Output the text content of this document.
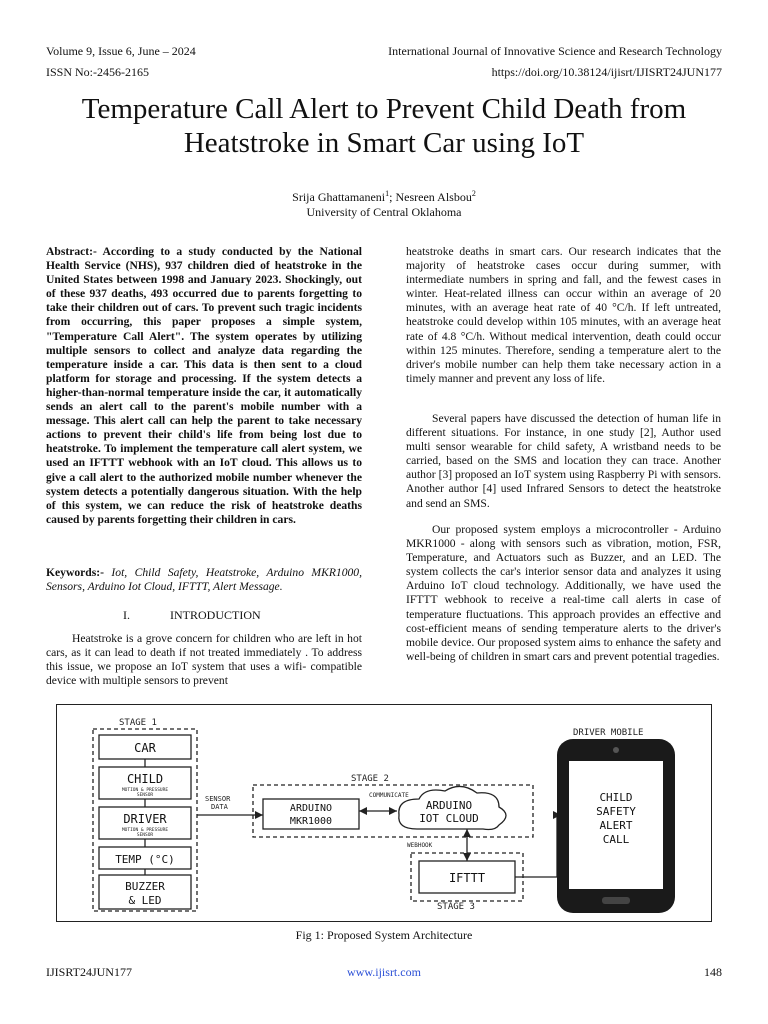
Volume 9, Issue 6, June – 2024	International Journal of Innovative Science and Research Technology
ISSN No:-2456-2165	https://doi.org/10.38124/ijisrt/IJISRT24JUN177
Temperature Call Alert to Prevent Child Death from
Heatstroke in Smart Car using IoT
Srija Ghattamaneni$^1$; Nesreen Alsbou$^2$
University of Central Oklahoma
Abstract:- According to a study conducted by the National Health Service (NHS), 937 children died of heatstroke in the United States between 1998 and January 2023. Shockingly, out of these 937 deaths, 493 occurred due to parents forgetting to take their children out of cars. To prevent such tragic incidents from occurring, this paper proposes a simple system, "Temperature Call Alert". The system operates by utilizing multiple sensors to collect and analyze data regarding the temperature inside a car. This data is then sent to a cloud platform for storage and processing. If the system detects a higher-than-normal temperature inside the car, it automatically sends an alert call to the parent's mobile number with a message. This alert call can help the parent to take necessary actions to prevent their child's life from being lost due to heatstroke. To implement the temperature call alert system, we used an IFTTT webhook with an IoT cloud. This allows us to give a call alert to the authorized mobile number whenever the system detects a potentially dangerous situation. With the help of this system, we can reduce the risk of heatstroke deaths caused by parents forgetting their children in cars.
Keywords:- Iot, Child Safety, Heatstroke, Arduino MKR1000, Sensors, Arduino Iot Cloud, IFTTT, Alert Message.
I.	INTRODUCTION
Heatstroke is a grove concern for children who are left in hot cars, as it can lead to death if not treated immediately . To address this issue, we propose an IoT system that uses a wifi- compatible device with multiple sensors to prevent
heatstroke deaths in smart cars. Our research indicates that the majority of heatstroke cases occur during summer, with intermediate numbers in spring and fall, and the fewest cases in winter. Heat-related illness can occur within an average of 20 minutes, with an average heat rate of 40 °C/h. If left untreated, heatstroke could develop within 105 minutes, with an average heat rate of 4.8 °C/h. Without medical intervention, death could occur within 125 minutes. Therefore, sending a temperature alert to the driver's mobile number can help them take necessary action in a timely manner and prevent any loss of life.
Several papers have discussed the detection of human life in different situations. For instance, in one study [2], Author used multi sensor wearable for child safety, A wristband needs to be carried, based on the SMS and location they can trace. Another author [3] proposed an IoT system using Raspberry Pi with sensors. Another author [4] used Infrared Sensors to detect the heatstroke and send an SMS.
Our proposed system employs a microcontroller - Arduino MKR1000 - along with sensors such as vibration, motion, FSR, Temperature, and Actuators such as Buzzer, and an LED. The system collects the car's interior sensor data and analyzes it using Arduino IoT cloud technology. Additionally, we have used the IFTTT webhook to receive a real-time call alerts in case of temperature fluctuations. This approach provides an effective and cost-efficient means of sending temperature alerts to the driver's mobile device. Our proposed system aims to enhance the safety and well-being of children in smart cars and prevent potential tragedies.
STAGE 1
SENSOR
DATA
STAGE 2
COMMUNICATE
WEBHOOK
STAGE 3
DRIVER MOBILE
CAR
CHILD
DRIVER
TEMP (°C)
BUZZER
& LED
ARDUINO
MKR1000
ARDUINO
IOT CLOUD
IFTTT
CHILD
SAFETY
ALERT
CALL
MOTION & PRESSURE
SENSOR
MOTION & PRESSURE
SENSOR
Fig 1: Proposed System Architecture
IJISRT24JUN177	www.ijisrt.com	148
